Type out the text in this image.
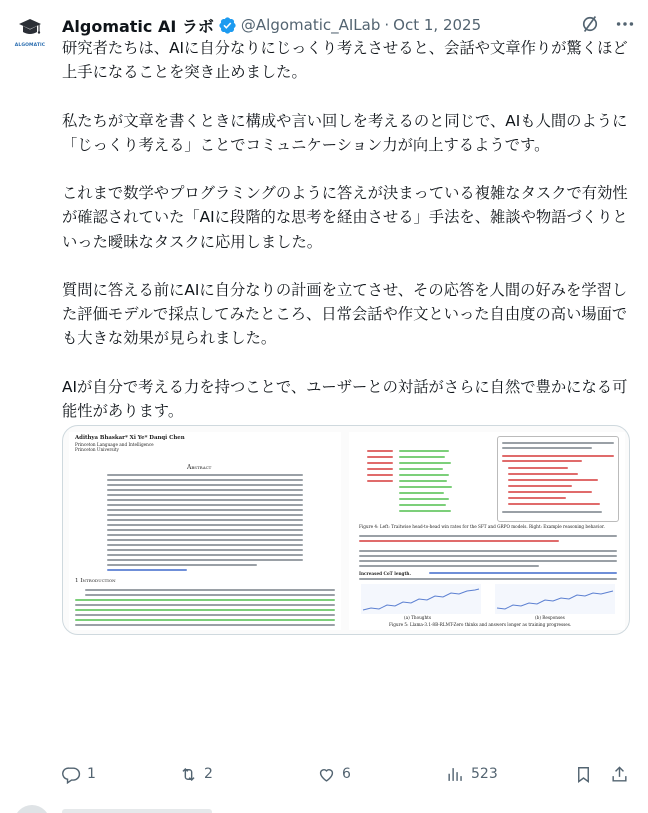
ALGOMATIC
Algomatic AI ラボ @Algomatic_AILab · Oct 1, 2025

研究者たちは、AIに自分なりにじっくり考えさせると、会話や文章作りが驚くほど上手になることを突き止めました。

私たちが文章を書くときに構成や言い回しを考えるのと同じで、AIも人間のように「じっくり考える」ことでコミュニケーション力が向上するようです。

これまで数学やプログラミングのように答えが決まっている複雑なタスクで有効性が確認されていた「AIに段階的な思考を経由させる」手法を、雑談や物語づくりといった曖昧なタスクに応用しました。

質問に答える前にAIに自分なりの計画を立てさせ、その応答を人間の好みを学習した評価モデルで採点してみたところ、日常会話や作文といった自由度の高い場面でも大きな効果が見られました。

AIが自分で考える力を持つことで、ユーザーとの対話がさらに自然で豊かになる可能性があります。

Adithya Bhaskar* Xi Ye* Danqi Chen
Princeton Language and Intelligence
Princeton University
Abstract
1 Introduction
Figure 4: Left: Traitwise head-to-head win rates for the SFT and GRPO models. Right: Example reasoning behavior.
Increased CoT length.
(a) Thoughts	(b) Responses
Figure 5: Llama-3.1-8B-RLMT-Zero thinks and answers longer as training progresses.
1	2	6	523
